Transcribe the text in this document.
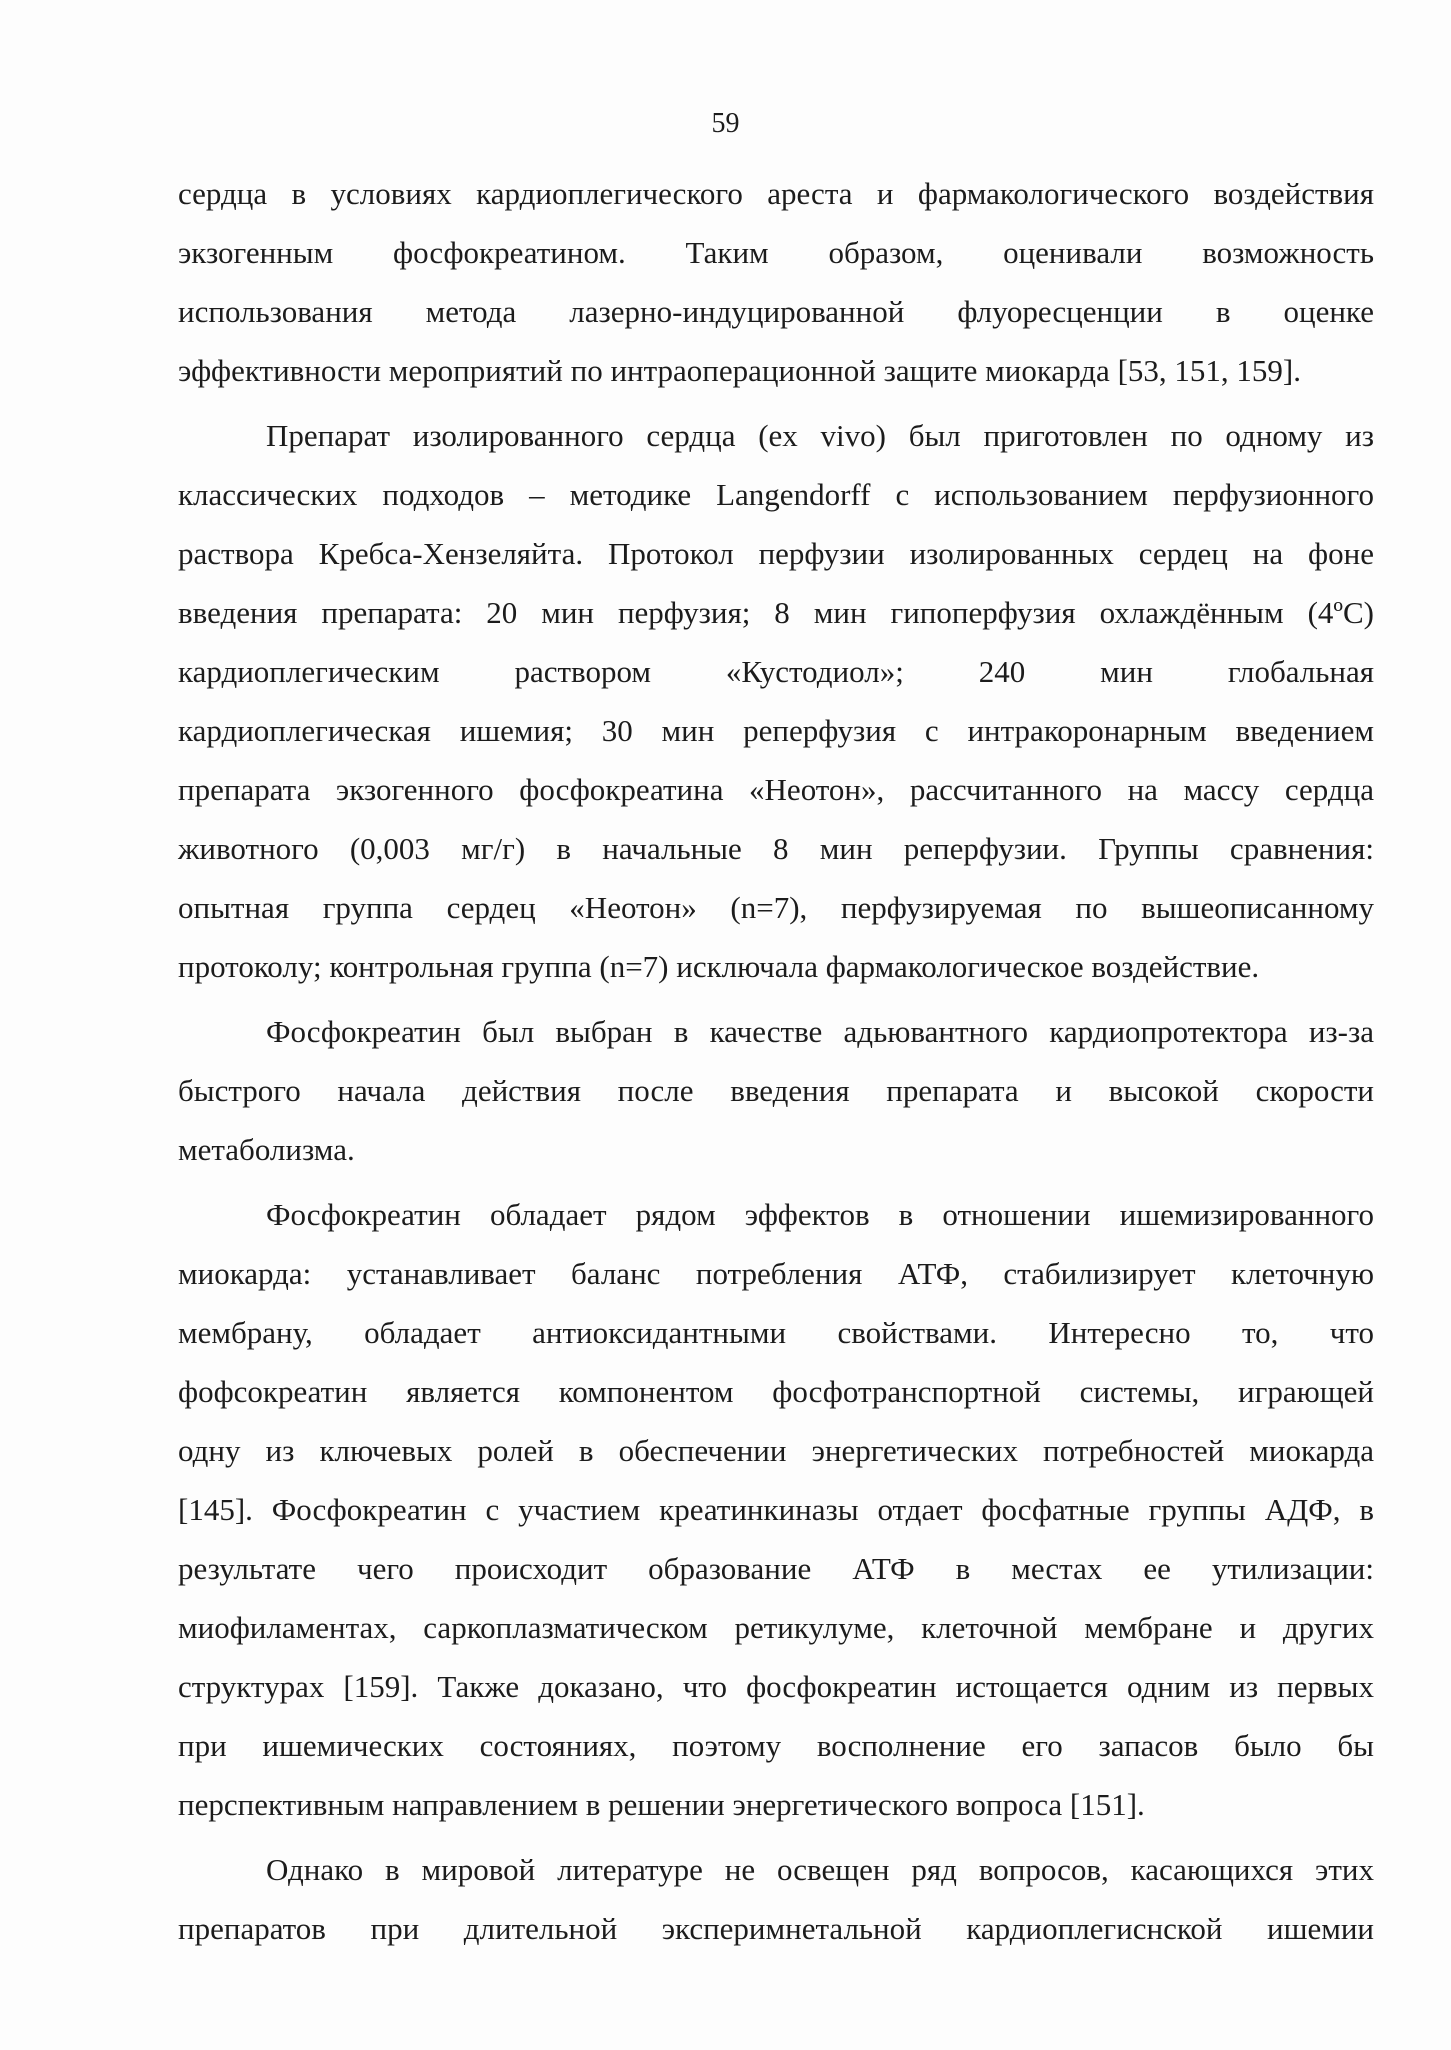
59
сердца в условиях кардиоплегического ареста и фармакологического воздействия
экзогенным фосфокреатином. Таким образом, оценивали возможность
использования метода лазерно-индуцированной флуоресценции в оценке
эффективности мероприятий по интраоперационной защите миокарда [53, 151, 159].
Препарат изолированного сердца (ex vivo) был приготовлен по одному из
классических подходов – методике Langendorff с использованием перфузионного
раствора Кребса-Хензеляйта. Протокол перфузии изолированных сердец на фоне
введения препарата: 20 мин перфузия; 8 мин гипоперфузия охлаждённым (4ºС)
кардиоплегическим раствором «Кустодиол»; 240 мин глобальная
кардиоплегическая ишемия; 30 мин реперфузия с интракоронарным введением
препарата экзогенного фосфокреатина «Неотон», рассчитанного на массу сердца
животного (0,003 мг/г) в начальные 8 мин реперфузии. Группы сравнения:
опытная группа сердец «Неотон» (n=7), перфузируемая по вышеописанному
протоколу; контрольная группа (n=7) исключала фармакологическое воздействие.
Фосфокреатин был выбран в качестве адьювантного кардиопротектора из-за
быстрого начала действия после введения препарата и высокой скорости
метаболизма.
Фосфокреатин обладает рядом эффектов в отношении ишемизированного
миокарда: устанавливает баланс потребления АТФ, стабилизирует клеточную
мембрану, обладает антиоксидантными свойствами. Интересно то, что
фофсокреатин является компонентом фосфотранспортной системы, играющей
одну из ключевых ролей в обеспечении энергетических потребностей миокарда
[145]. Фосфокреатин с участием креатинкиназы отдает фосфатные группы АДФ, в
результате чего происходит образование АТФ в местах ее утилизации:
миофиламентах, саркоплазматическом ретикулуме, клеточной мембране и других
структурах [159]. Также доказано, что фосфокреатин истощается одним из первых
при ишемических состояниях, поэтому восполнение его запасов было бы
перспективным направлением в решении энергетического вопроса [151].
Однако в мировой литературе не освещен ряд вопросов, касающихся этих
препаратов при длительной эксперимнетальной кардиоплегиснской ишемии
